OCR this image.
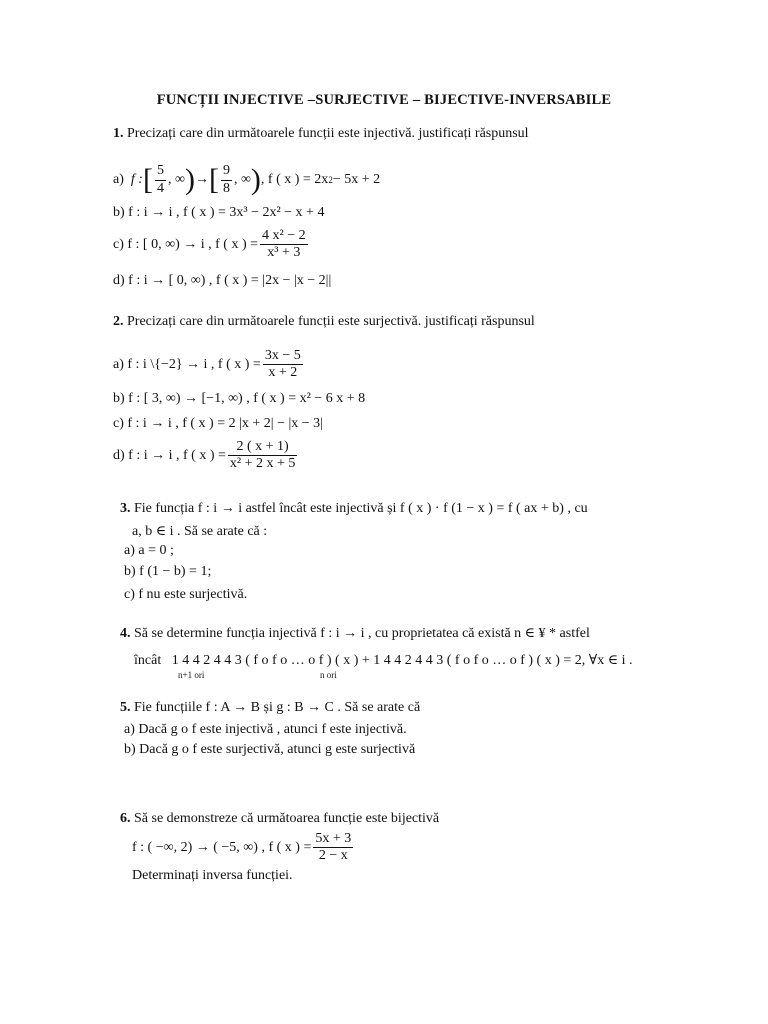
FUNCȚII INJECTIVE –SURJECTIVE – BIJECTIVE-INVERSABILE
1. Precizați care din următoarele funcții este injectivă. justificați răspunsul
a)
f : [ $\frac{5}{4}$ , ∞ ) → [ $\frac{9}{8}$ , ∞ ) , f ( x ) = 2x 2 − 5x + 2
b) f : i → i , f ( x ) = 3x³ − 2x² − x + 4
c) f : [ 0, ∞) → i , f ( x ) = $\frac{\text{4 x² − 2}}{\text{x³ + 3}}$
d) f : i → [ 0, ∞) , f ( x ) = |2x − |x − 2||
2. Precizați care din următoarele funcții este surjectivă. justificați răspunsul
a) f : i \{−2} → i , f ( x ) = $\frac{3x - 5}{x + 2}$
b) f : [ 3, ∞) → [−1, ∞) , f ( x ) = x² − 6 x + 8
c) f : i → i , f ( x ) = 2 |x + 2| − |x − 3|
d) f : i → i , f ( x ) = $\frac{2 ( x + 1)}{\text{x² + 2 x + 5}}$
3. Fie funcția f : i → i astfel încât este injectivă și f ( x ) · f (1 − x ) = f ( ax + b) , cu
a, b ∈ i . Să se arate că :
a) a = 0 ;
b) f (1 − b) = 1;
c) f nu este surjectivă.
4. Să se determine funcția injectivă f : i → i , cu proprietatea că există n ∈ ¥ * astfel
încât 1 4 4 2 4 4 3 ( f o f o … o f ) ( x ) + 1 4 4 2 4 4 3 ( f o f o … o f ) ( x ) = 2, ∀x ∈ i .
n+1 ori	n ori
5. Fie funcțiile f : A → B și g : B → C . Să se arate că
a) Dacă g o f este injectivă , atunci f este injectivă.
b) Dacă g o f este surjectivă, atunci g este surjectivă
6. Să se demonstreze că următoarea funcție este bijectivă
f : ( −∞, 2) → ( −5, ∞) , f ( x ) = $\frac{5x + 3}{2 - x}$
Determinați inversa funcției.
